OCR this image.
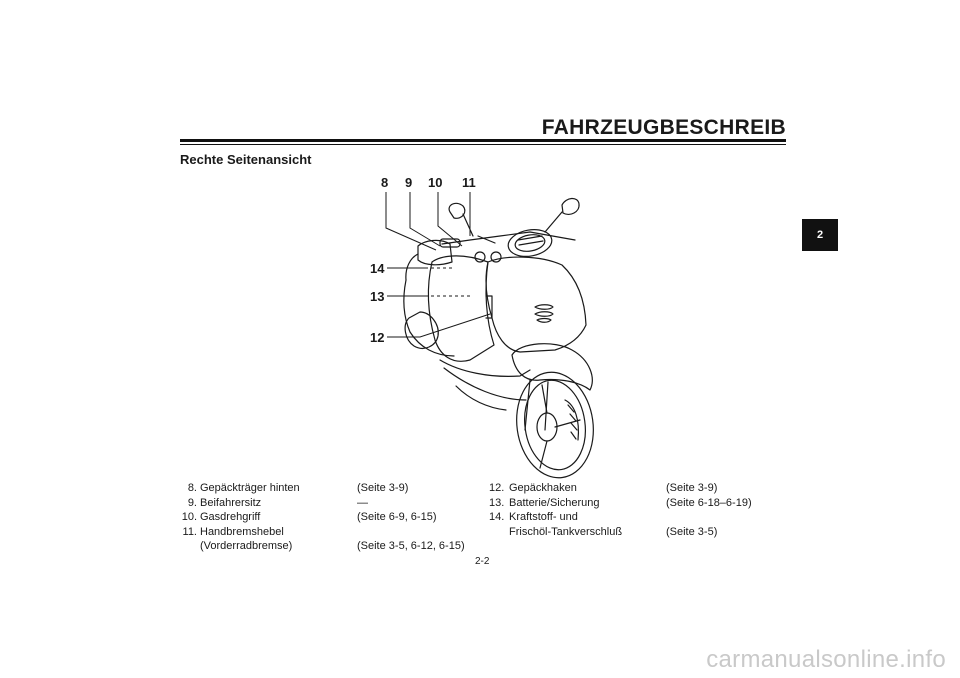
FAHRZEUGBESCHREIB
2
Rechte Seitenansicht
8 9 10 11
14
13
12
8. Gepäckträger hinten	(Seite 3-9)
9. Beifahrersitz	—
10. Gasdrehgriff	(Seite 6-9, 6-15)
11. Handbremshebel
(Vorderradbremse)	(Seite 3-5, 6-12, 6-15)
12. Gepäckhaken	(Seite 3-9)
13. Batterie/Sicherung	(Seite 6-18–6-19)
14. Kraftstoff- und
Frischöl-Tankverschluß	(Seite 3-5)
2-2
carmanualsonline.info
